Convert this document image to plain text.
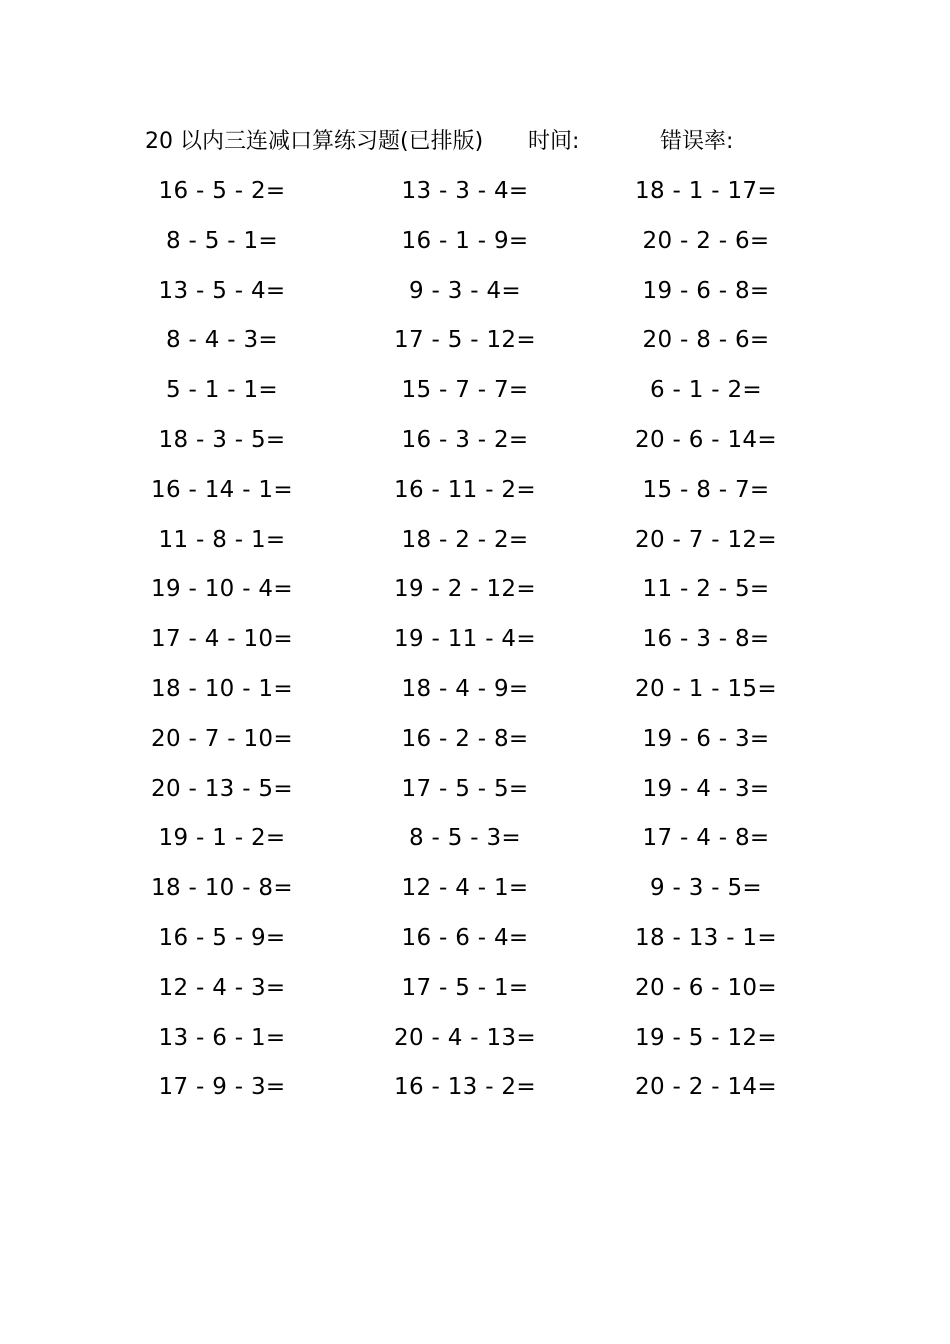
20 以内三连减口算练习题(已排版) 时间:	错误率:
16 - 5 - 2=	13 - 3 - 4=	18 - 1 - 17=
8 - 5 - 1=	16 - 1 - 9=	20 - 2 - 6=
13 - 5 - 4=	9 - 3 - 4=	19 - 6 - 8=
8 - 4 - 3=	17 - 5 - 12=	20 - 8 - 6=
5 - 1 - 1=	15 - 7 - 7=	6 - 1 - 2=
18 - 3 - 5=	16 - 3 - 2=	20 - 6 - 14=
16 - 14 - 1=	16 - 11 - 2=	15 - 8 - 7=
11 - 8 - 1=	18 - 2 - 2=	20 - 7 - 12=
19 - 10 - 4=	19 - 2 - 12=	11 - 2 - 5=
17 - 4 - 10=	19 - 11 - 4=	16 - 3 - 8=
18 - 10 - 1=	18 - 4 - 9=	20 - 1 - 15=
20 - 7 - 10=	16 - 2 - 8=	19 - 6 - 3=
20 - 13 - 5=	17 - 5 - 5=	19 - 4 - 3=
19 - 1 - 2=	8 - 5 - 3=	17 - 4 - 8=
18 - 10 - 8=	12 - 4 - 1=	9 - 3 - 5=
16 - 5 - 9=	16 - 6 - 4=	18 - 13 - 1=
12 - 4 - 3=	17 - 5 - 1=	20 - 6 - 10=
13 - 6 - 1=	20 - 4 - 13=	19 - 5 - 12=
17 - 9 - 3=	16 - 13 - 2=	20 - 2 - 14=
